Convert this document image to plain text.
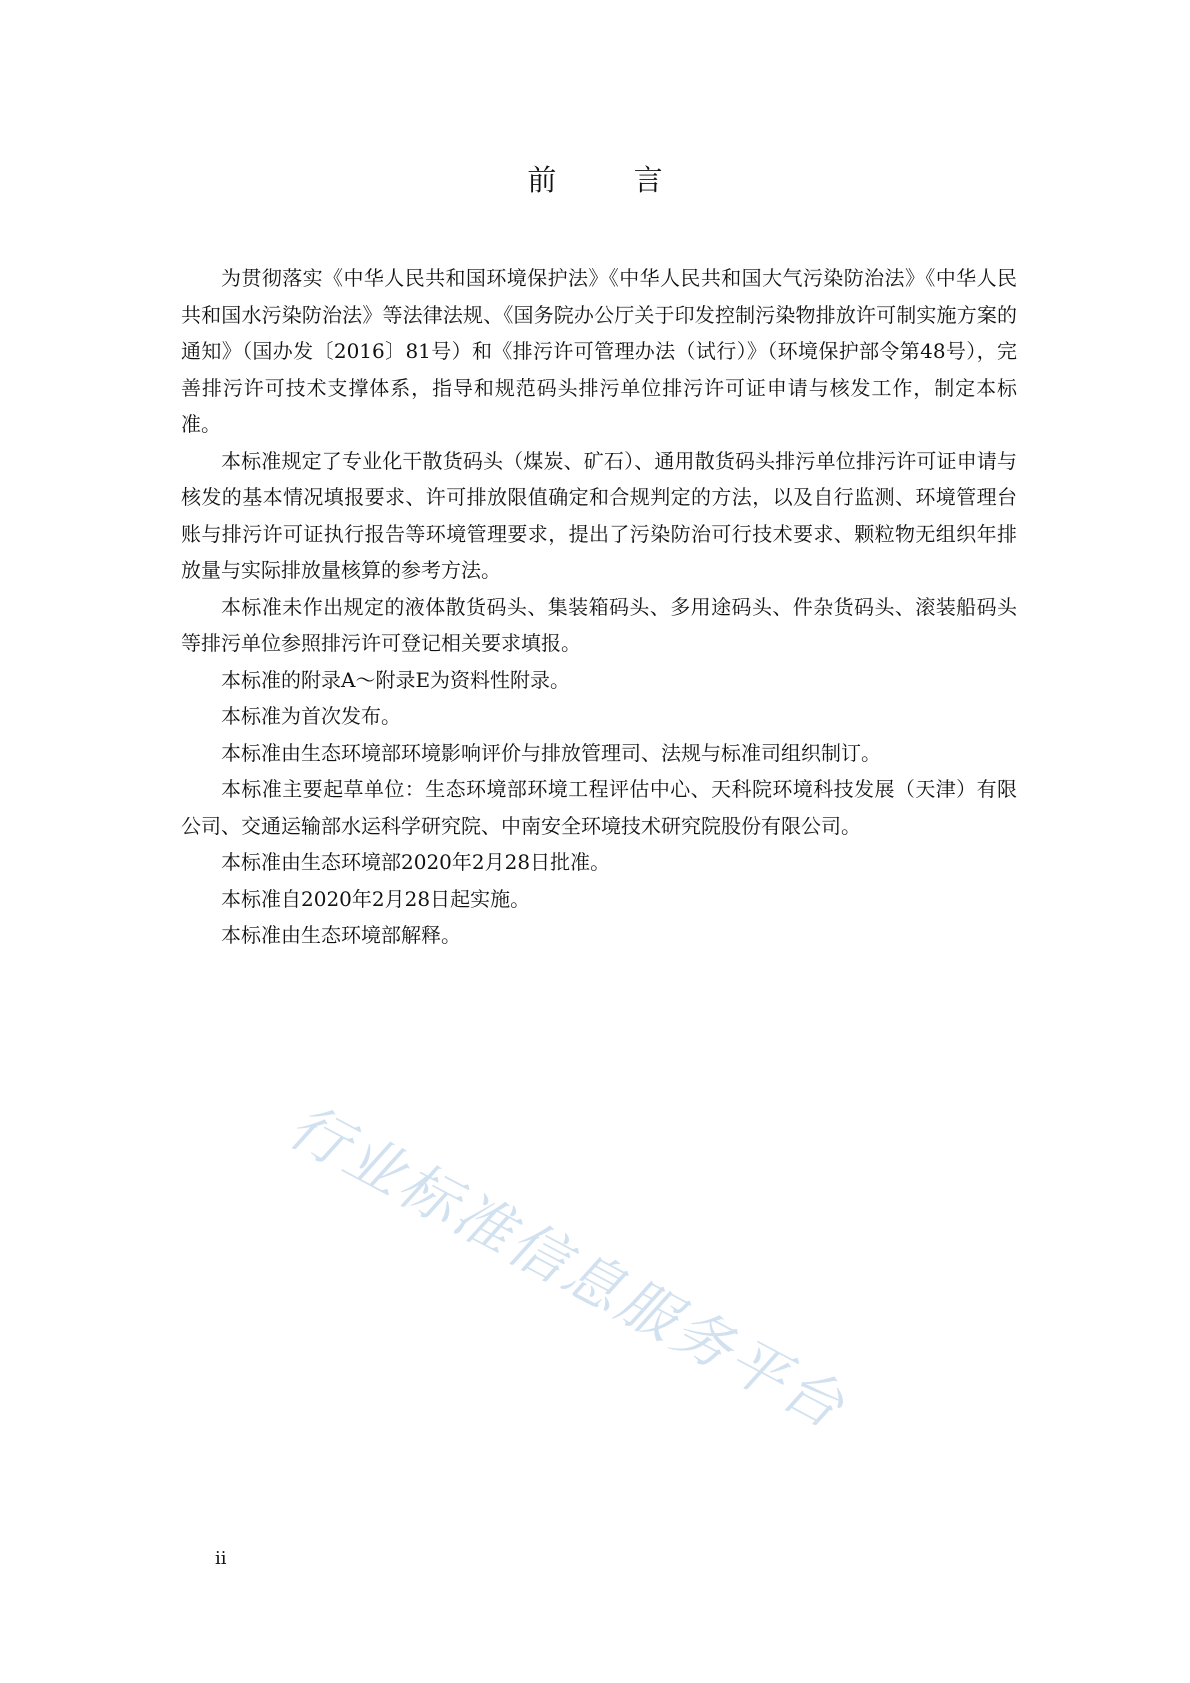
前 言

为贯彻落实《中华人民共和国环境保护法》《中华人民共和国大气污染防治法》《中华人民共和国水污染防治法》等法律法规、《国务院办公厅关于印发控制污染物排放许可制实施方案的通知》（国办发〔2016〕81号）和《排污许可管理办法（试行）》（环境保护部令第48号），完善排污许可技术支撑体系，指导和规范码头排污单位排污许可证申请与核发工作，制定本标准。

本标准规定了专业化干散货码头（煤炭、矿石）、通用散货码头排污单位排污许可证申请与核发的基本情况填报要求、许可排放限值确定和合规判定的方法，以及自行监测、环境管理台账与排污许可证执行报告等环境管理要求，提出了污染防治可行技术要求、颗粒物无组织年排放量与实际排放量核算的参考方法。

本标准未作出规定的液体散货码头、集装箱码头、多用途码头、件杂货码头、滚装船码头等排污单位参照排污许可登记相关要求填报。

本标准的附录A～附录E为资料性附录。

本标准为首次发布。

本标准由生态环境部环境影响评价与排放管理司、法规与标准司组织制订。

本标准主要起草单位：生态环境部环境工程评估中心、天科院环境科技发展（天津）有限公司、交通运输部水运科学研究院、中南安全环境技术研究院股份有限公司。

本标准由生态环境部2020年2月28日批准。

本标准自2020年2月28日起实施。

本标准由生态环境部解释。

行业标准信息服务平台
ii
